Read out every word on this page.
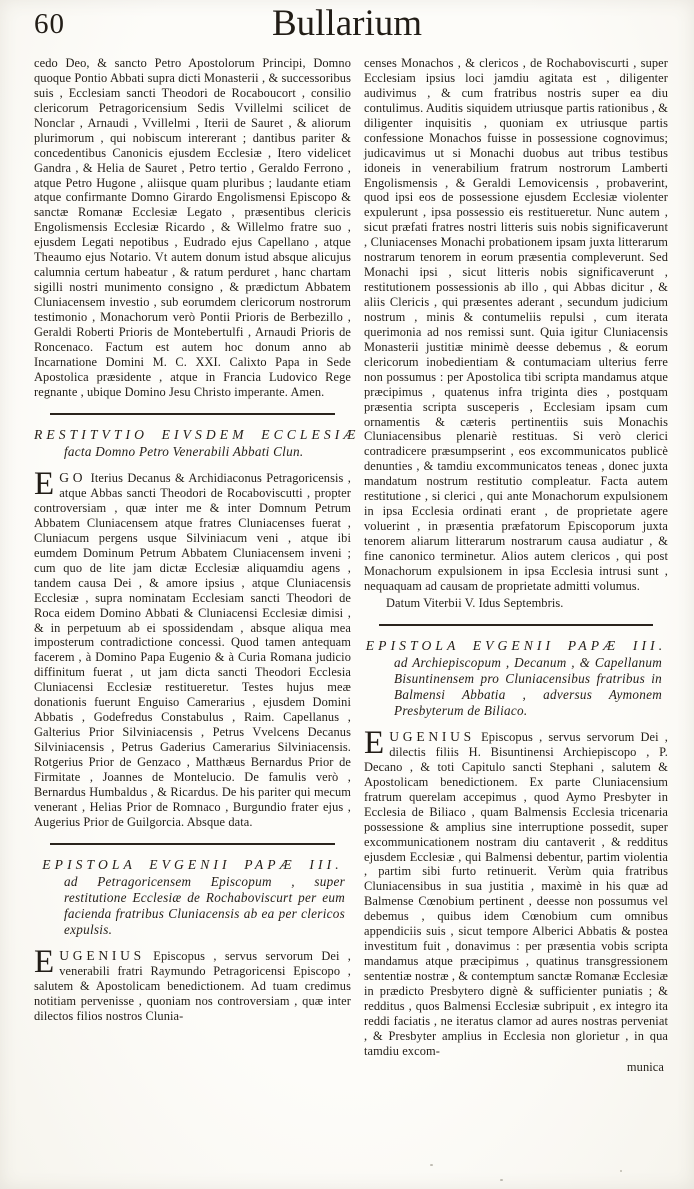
60	Bullarium

cedo Deo, & sancto Petro Apostolorum Principi, Domno quoque Pontio Abbati supra dicti Monasterii , & successoribus suis , Ecclesiam sancti Theodori de Rocaboucort , consilio clericorum Petragoricensium Sedis Vvillelmi scilicet de Nonclar , Arnaudi , Vvillelmi , Iterii de Sauret , & aliorum plurimorum , qui nobiscum intererant ; dantibus pariter & concedentibus Canonicis ejusdem Ecclesiæ , Itero videlicet Gandra , & Helia de Sauret , Petro tertio , Geraldo Ferrono , atque Petro Hugone , aliisque quam pluribus ; laudante etiam atque confirmante Domno Girardo Engolismensi Episcopo & sanctæ Romanæ Ecclesiæ Legato , præsentibus clericis Engolismensis Ecclesiæ Ricardo , & Willelmo fratre suo , ejusdem Legati nepotibus , Eudrado ejus Capellano , atque Theaumo ejus Notario. Vt autem donum istud absque alicujus calumnia certum habeatur , & ratum perduret , hanc chartam sigilli nostri munimento consigno , & prædictum Abbatem Cluniacensem investio , sub eorumdem clericorum nostrorum testimonio , Monachorum verò Pontii Prioris de Berbezillo , Geraldi Roberti Prioris de Montebertulfi , Arnaudi Prioris de Roncenaco. Factum est autem hoc donum anno ab Incarnatione Domini M. C. XXI. Calixto Papa in Sede Apostolica præsidente , atque in Francia Ludovico Rege regnante , ubique Domino Jesu Christo imperante. Amen.

RESTITVTIO EIVSDEM ECCLESIÆ
facta Domno Petro Venerabili Abbati Clun.

EGO Iterius Decanus & Archidiaconus Petragoricensis , atque Abbas sancti Theodori de Rocaboviscutti , propter controversiam , quæ inter me & inter Domnum Petrum Abbatem Cluniacensem atque fratres Cluniacenses fuerat , Cluniacum pergens usque Silviniacum veni , atque ibi eumdem Dominum Petrum Abbatem Cluniacensem inveni ; cum quo de lite jam dictæ Ecclesiæ aliquamdiu agens , tandem causa Dei , & amore ipsius , atque Cluniacensis Ecclesiæ , supra nominatam Ecclesiam sancti Theodori de Roca eidem Domino Abbati & Cluniacensi Ecclesiæ dimisi , & in perpetuum ab ei spossidendam , absque aliqua mea imposterum contradictione concessi. Quod tamen antequam facerem , à Domino Papa Eugenio & à Curia Romana judicio diffinitum fuerat , ut jam dicta sancti Theodori Ecclesia Cluniacensi Ecclesiæ restitueretur. Testes hujus meæ donationis fuerunt Enguiso Camerarius , ejusdem Domini Abbatis , Godefredus Constabulus , Raim. Capellanus , Galterius Prior Silviniacensis , Petrus Vvelcens Decanus Silviniacensis , Petrus Gaderius Camerarius Silviniacensis. Rotgerius Prior de Genzaco , Matthæus Bernardus Prior de Firmitate , Joannes de Montelucio. De famulis verò , Bernardus Humbaldus , & Ricardus. De his pariter qui mecum venerant , Helias Prior de Romnaco , Burgundio frater ejus , Augerius Prior de Guilgorcia. Absque data.

EPISTOLA EVGENII PAPÆ III.
ad Petragoricensem Episcopum , super restitutione Ecclesiæ de Rochaboviscurt per eum facienda fratribus Cluniacensis ab ea per clericos expulsis.

EUGENIUS Episcopus , servus servorum Dei , venerabili fratri Raymundo Petragoricensi Episcopo , salutem & Apostolicam benedictionem. Ad tuam credimus notitiam pervenisse , quoniam nos controversiam , quæ inter dilectos filios nostros Clunia-

censes Monachos , & clericos , de Rochaboviscurti , super Ecclesiam ipsius loci jamdiu agitata est , diligenter audivimus , & cum fratribus nostris super ea diu contulimus. Auditis siquidem utriusque partis rationibus , & diligenter inquisitis , quoniam ex utriusque partis confessione Monachos fuisse in possessione cognovimus; judicavimus ut si Monachi duobus aut tribus testibus idoneis in venerabilium fratrum nostrorum Lamberti Engolismensis , & Geraldi Lemovicensis , probaverint, quod ipsi eos de possessione ejusdem Ecclesiæ violenter expulerunt , ipsa possessio eis restitueretur. Nunc autem , sicut præfati fratres nostri litteris suis nobis significaverunt , Cluniacenses Monachi probationem ipsam juxta litterarum nostrarum tenorem in eorum præsentia compleverunt. Sed Monachi ipsi , sicut litteris nobis significaverunt , restitutionem possessionis ab illo , qui Abbas dicitur , & aliis Clericis , qui præsentes aderant , secundum judicium nostrum , minis & contumeliis repulsi , cum iterata querimonia ad nos remissi sunt. Quia igitur Cluniacensis Monasterii justitiæ minimè deesse debemus , & eorum clericorum inobedientiam & contumaciam ulterius ferre non possumus : per Apostolica tibi scripta mandamus atque præcipimus , quatenus infra triginta dies , postquam præsentia scripta susceperis , Ecclesiam ipsam cum ornamentis & cæteris pertinentiis suis Monachis Cluniacensibus plenariè restituas. Si verò clerici contradicere præsumpserint , eos excommunicatos publicè denunties , & tamdiu excommunicatos teneas , donec juxta mandatum nostrum restitutio compleatur. Facta autem restitutione , si clerici , qui ante Monachorum expulsionem in ipsa Ecclesia ordinati erant , de proprietate agere voluerint , in præsentia præfatorum Episcoporum juxta tenorem aliarum litterarum nostrarum causa audiatur , & fine canonico terminetur. Alios autem clericos , qui post Monachorum expulsionem in ipsa Ecclesia intrusi sunt , nequaquam ad causam de proprietate admitti volumus.

Datum Viterbii V. Idus Septembris.

EPISTOLA EVGENII PAPÆ III.
ad Archiepiscopum , Decanum , & Capellanum Bisuntinensem pro Cluniacensibus fratribus in Balmensi Abbatia , adversus Aymonem Presbyterum de Biliaco.

EUGENIUS Episcopus , servus servorum Dei , dilectis filiis H. Bisuntinensi Archiepiscopo , P. Decano , & toti Capitulo sancti Stephani , salutem & Apostolicam benedictionem. Ex parte Cluniacensium fratrum querelam accepimus , quod Aymo Presbyter in Ecclesia de Biliaco , quam Balmensis Ecclesia tricenaria possessione & amplius sine interruptione possedit, super excommunicationem nostram diu cantaverit , & redditus ejusdem Ecclesiæ , qui Balmensi debentur, partim violentia , partim sibi furto retinuerit. Verùm quia fratribus Cluniacensibus in sua justitia , maximè in his quæ ad Balmense Cœnobium pertinent , deesse non possumus vel debemus , quibus idem Cœnobium cum omnibus appendiciis suis , sicut tempore Alberici Abbatis & postea investitum fuit , donavimus : per præsentia vobis scripta mandamus atque præcipimus , quatinus transgressionem sententiæ nostræ , & contemptum sanctæ Romanæ Ecclesiæ in prædicto Presbytero dignè & sufficienter puniatis ; & redditus , quos Balmensi Ecclesiæ subripuit , ex integro ita reddi faciatis , ne iteratus clamor ad aures nostras perveniat , & Presbyter amplius in Ecclesia non glorietur , in qua tamdiu excom-

munica
